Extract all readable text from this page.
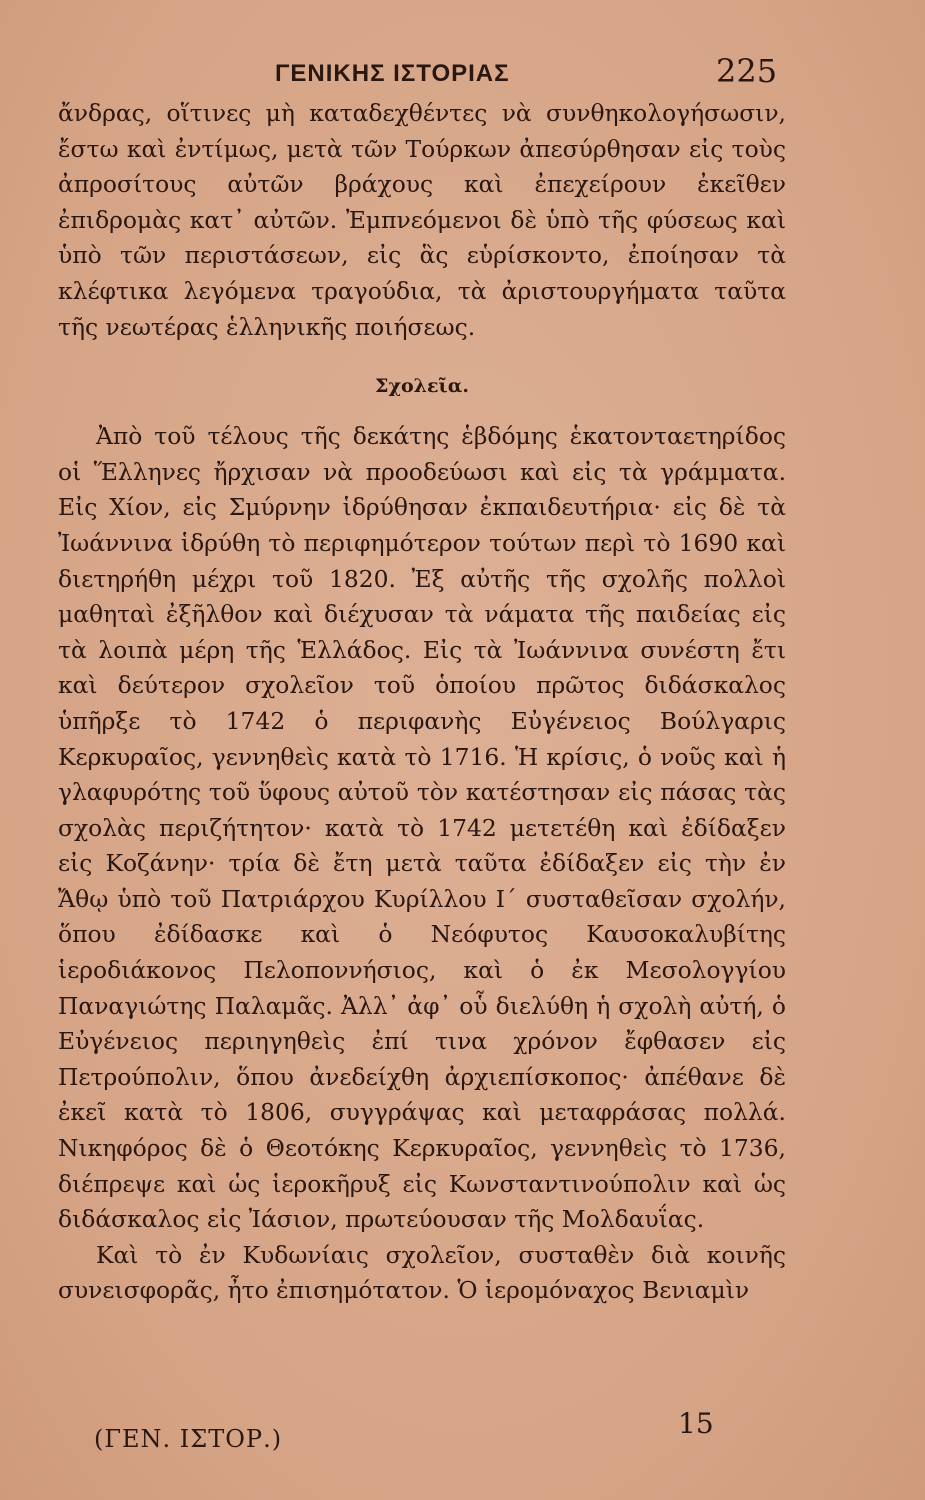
ΓΕΝΙΚΗΣ ΙΣΤΟΡΙΑΣ	225

ἄνδρας, οἵτινες μὴ καταδεχθέντες νὰ συνθηκολογήσωσιν, ἔστω καὶ ἐντίμως, μετὰ τῶν Τούρκων ἀπεσύρθησαν εἰς τοὺς ἀπροσίτους αὐτῶν βράχους καὶ ἐπεχείρουν ἐκεῖθεν ἐπιδρομὰς κατ᾽ αὐτῶν. Ἐμπνεόμενοι δὲ ὑπὸ τῆς φύσεως καὶ ὑπὸ τῶν περιστάσεων, εἰς ἃς εὑρίσκοντο, ἐποίησαν τὰ κλέφτικα λεγόμενα τραγούδια, τὰ ἀριστουργήματα ταῦτα τῆς νεωτέρας ἑλληνικῆς ποιήσεως.

Σχολεῖα.

Ἀπὸ τοῦ τέλους τῆς δεκάτης ἑβδόμης ἑκατονταετηρίδος οἱ Ἕλληνες ἤρχισαν νὰ προοδεύωσι καὶ εἰς τὰ γράμματα. Εἰς Χίον, εἰς Σμύρνην ἱδρύθησαν ἐκπαιδευτήρια· εἰς δὲ τὰ Ἰωάννινα ἱδρύθη τὸ περιφημότερον τούτων περὶ τὸ 1690 καὶ διετηρήθη μέχρι τοῦ 1820. Ἐξ αὐτῆς τῆς σχολῆς πολλοὶ μαθηταὶ ἐξῆλθον καὶ διέχυσαν τὰ νάματα τῆς παιδείας εἰς τὰ λοιπὰ μέρη τῆς Ἑλλάδος. Εἰς τὰ Ἰωάννινα συνέστη ἔτι καὶ δεύτερον σχολεῖον τοῦ ὁποίου πρῶτος διδάσκαλος ὑπῆρξε τὸ 1742 ὁ περιφανὴς Εὐγένειος Βούλγαρις Κερκυραῖος, γεννηθεὶς κατὰ τὸ 1716. Ἡ κρίσις, ὁ νοῦς καὶ ἡ γλαφυρότης τοῦ ὕφους αὐτοῦ τὸν κατέστησαν εἰς πάσας τὰς σχολὰς περιζήτητον· κατὰ τὸ 1742 μετετέθη καὶ ἐδίδαξεν εἰς Κοζάνην· τρία δὲ ἔτη μετὰ ταῦτα ἐδίδαξεν εἰς τὴν ἐν Ἄθῳ ὑπὸ τοῦ Πατριάρχου Κυρίλλου Ι´ συσταθεῖσαν σχολήν, ὅπου ἐδίδασκε καὶ ὁ Νεόφυτος Καυσοκαλυβίτης ἱεροδιάκονος Πελοποννήσιος, καὶ ὁ ἐκ Μεσολογγίου Παναγιώτης Παλαμᾶς. Ἀλλ᾽ ἀφ᾽ οὗ διελύθη ἡ σχολὴ αὐτή, ὁ Εὐγένειος περιηγηθεὶς ἐπί τινα χρόνον ἔφθασεν εἰς Πετρούπολιν, ὅπου ἀνεδείχθη ἀρχιεπίσκοπος· ἀπέθανε δὲ ἐκεῖ κατὰ τὸ 1806, συγγράψας καὶ μεταφράσας πολλά. Νικηφόρος δὲ ὁ Θεοτόκης Κερκυραῖος, γεννηθεὶς τὸ 1736, διέπρεψε καὶ ὡς ἱεροκῆρυξ εἰς Κωνσταντινούπολιν καὶ ὡς διδάσκαλος εἰς Ἰάσιον, πρωτεύουσαν τῆς Μολδαυΐας.

Καὶ τὸ ἐν Κυδωνίαις σχολεῖον, συσταθὲν διὰ κοινῆς συνεισφορᾶς, ἦτο ἐπισημότατον. Ὁ ἱερομόναχος Βενιαμὶν

(ΓΕΝ. ΙΣΤΟΡ.)	15
